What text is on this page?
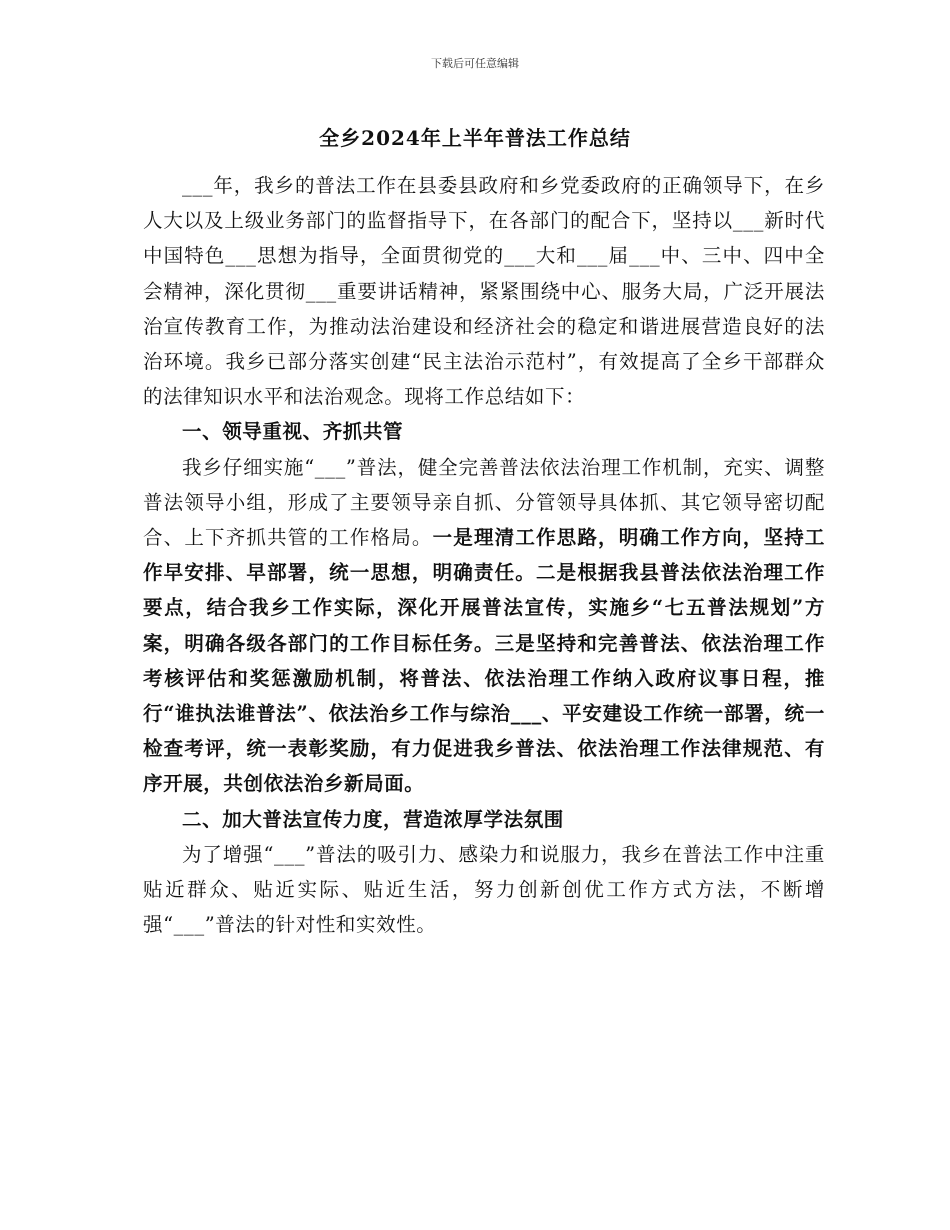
下载后可任意编辑
全乡2024年上半年普法工作总结

___年，我乡的普法工作在县委县政府和乡党委政府的正确领导下，在乡人大以及上级业务部门的监督指导下，在各部门的配合下，坚持以___新时代中国特色___思想为指导，全面贯彻党的___大和___届___中、三中、四中全会精神，深化贯彻___重要讲话精神，紧紧围绕中心、服务大局，广泛开展法治宣传教育工作，为推动法治建设和经济社会的稳定和谐进展营造良好的法治环境。我乡已部分落实创建“民主法治示范村”，有效提高了全乡干部群众的法律知识水平和法治观念。现将工作总结如下：

一、领导重视、齐抓共管

我乡仔细实施“___”普法，健全完善普法依法治理工作机制，充实、调整普法领导小组，形成了主要领导亲自抓、分管领导具体抓、其它领导密切配合、上下齐抓共管的工作格局。一是理清工作思路，明确工作方向，坚持工作早安排、早部署，统一思想，明确责任。二是根据我县普法依法治理工作要点，结合我乡工作实际，深化开展普法宣传，实施乡“七五普法规划”方案，明确各级各部门的工作目标任务。三是坚持和完善普法、依法治理工作考核评估和奖惩激励机制，将普法、依法治理工作纳入政府议事日程，推行“谁执法谁普法”、依法治乡工作与综治___、平安建设工作统一部署，统一检查考评，统一表彰奖励，有力促进我乡普法、依法治理工作法律规范、有序开展，共创依法治乡新局面。

二、加大普法宣传力度，营造浓厚学法氛围

为了增强“___”普法的吸引力、感染力和说服力，我乡在普法工作中注重贴近群众、贴近实际、贴近生活，努力创新创优工作方式方法，不断增强“___”普法的针对性和实效性。
